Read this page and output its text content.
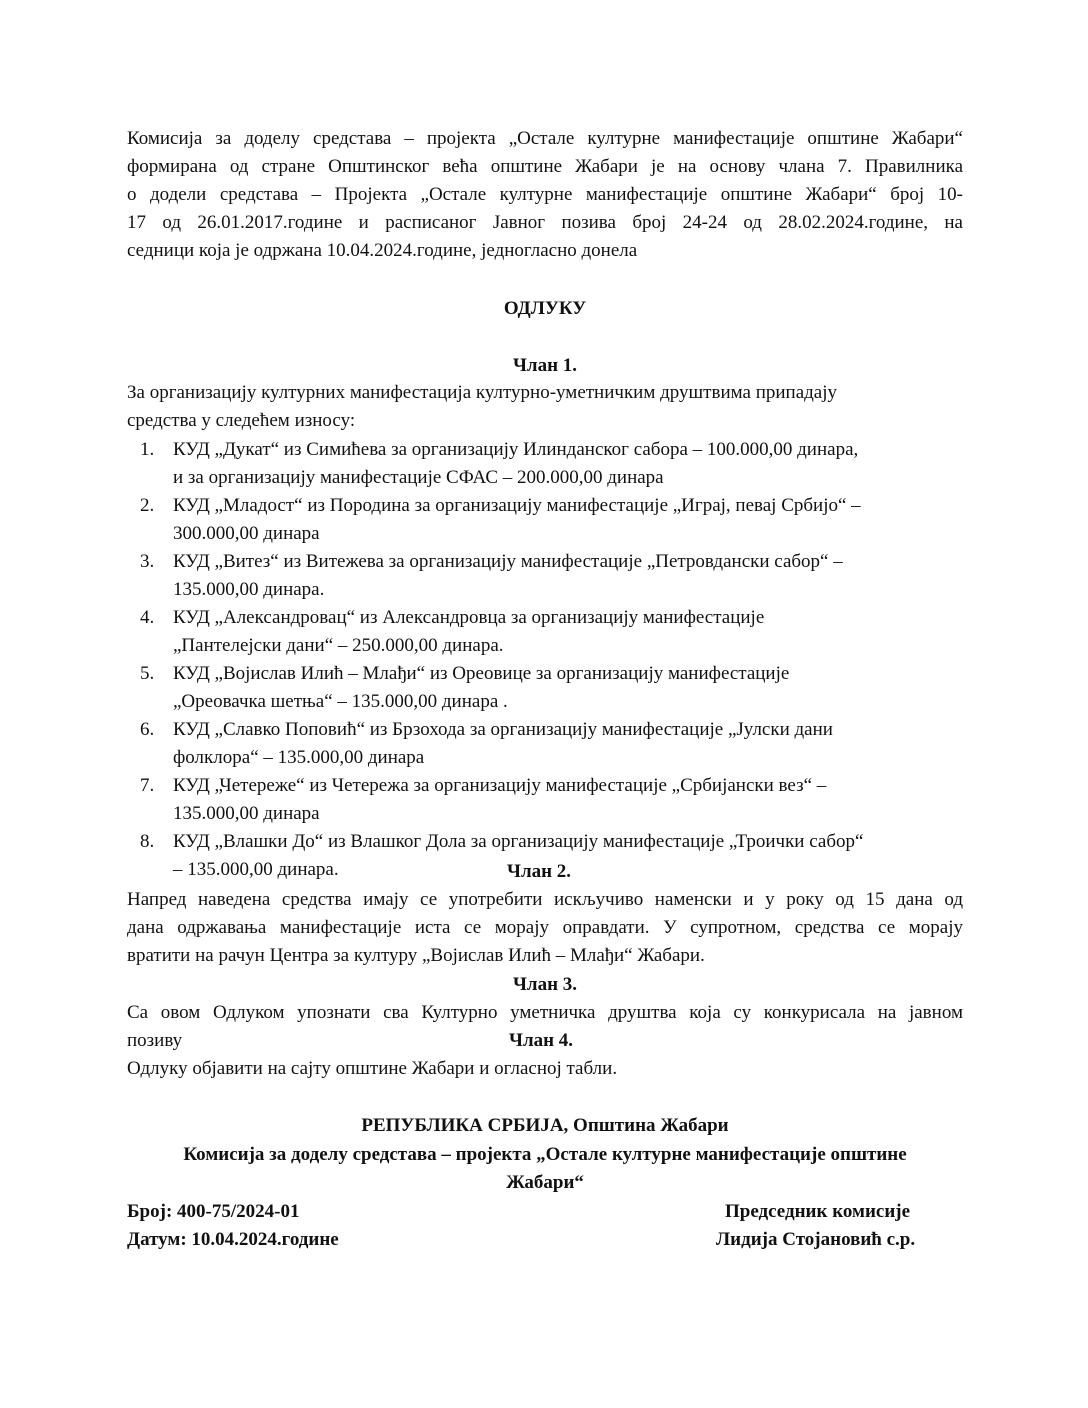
Комисија за доделу средстава – пројекта „Остале културне манифестације општине Жабари“
формирана од стране Општинског већа општине Жабари је на основу члана 7. Правилника
о додели средстава – Пројекта „Остале културне манифестације општине Жабари“ број 10-
17 од 26.01.2017.године и расписаног Јавног позива број 24-24 од 28.02.2024.године, на
седници која је одржана 10.04.2024.године, једногласно донела
ОДЛУКУ
Члан 1.
За организацију културних манифестација културно-уметничким друштвима припадају
средства у следећем износу:
1. КУД „Дукат“ из Симићева за организацију Илинданског сабора – 100.000,00 динара,
и за организацију манифестације СФАС – 200.000,00 динара
2. КУД „Младост“ из Породина за организацију манифестације „Играј, певај Србијо“ –
300.000,00 динара
3. КУД „Витез“ из Витежева за организацију манифестације „Петровдански сабор“ –
135.000,00 динара.
4. КУД „Александровац“ из Александровца за организацију манифестације
„Пантелејски дани“ – 250.000,00 динара.
5. КУД „Војислав Илић – Млађи“ из Ореовице за организацију манифестације
„Ореовачка шетња“ – 135.000,00 динара .
6. КУД „Славко Поповић“ из Брзохода за организацију манифестације „Јулски дани
фолклора“ – 135.000,00 динара
7. КУД „Четереже“ из Четережа за организацију манифестације „Србијански вез“ –
135.000,00 динара
8. КУД „Влашки До“ из Влашког Дола за организацију манифестације „Троички сабор“
– 135.000,00 динара.	Члан 2.
Напред наведена средства имају се употребити искључиво наменски и у року од 15 дана од
дана одржавања манифестације иста се морају оправдати. У супротном, средства се морају
вратити на рачун Центра за културу „Војислав Илић – Млађи“ Жабари.
Члан 3.
Са овом Одлуком упознати сва Културно уметничка друштва која су конкурисала на јавном
позиву	Члан 4.
Одлуку објавити на сајту општине Жабари и огласној табли.
РЕПУБЛИКА СРБИЈА, Општина Жабари
Комисија за доделу средстава – пројекта „Остале културне манифестације општине
Жабари“
Број: 400-75/2024-01
Датум: 10.04.2024.године
Председник комисије
Лидија Стојановић с.р.
